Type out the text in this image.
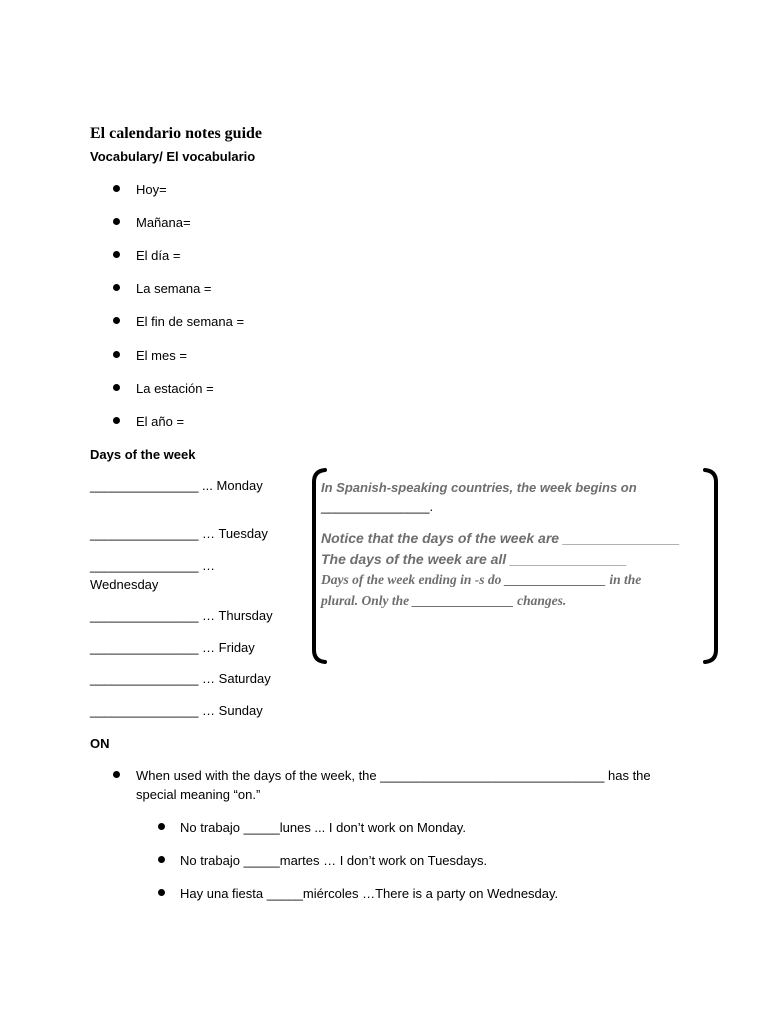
El calendario notes guide
Vocabulary/ El vocabulario
Hoy=
Mañana=
El día =
La semana =
El fin de semana =
El mes =
La estación =
El año =
Days of the week
_______________ ... Monday
_______________ … Tuesday
_______________ …
Wednesday
_______________ … Thursday
_______________ … Friday
_______________ … Saturday
_______________ … Sunday
In Spanish-speaking countries, the week begins on
_______________.
Notice that the days of the week are _______________
The days of the week are all _______________
Days of the week ending in -s do _______________ in the
plural. Only the _______________ changes.
ON
When used with the days of the week, the _______________________________ has the
special meaning “on.”
No trabajo _____lunes ... I don’t work on Monday.
No trabajo _____martes … I don’t work on Tuesdays.
Hay una fiesta _____miércoles …There is a party on Wednesday.
